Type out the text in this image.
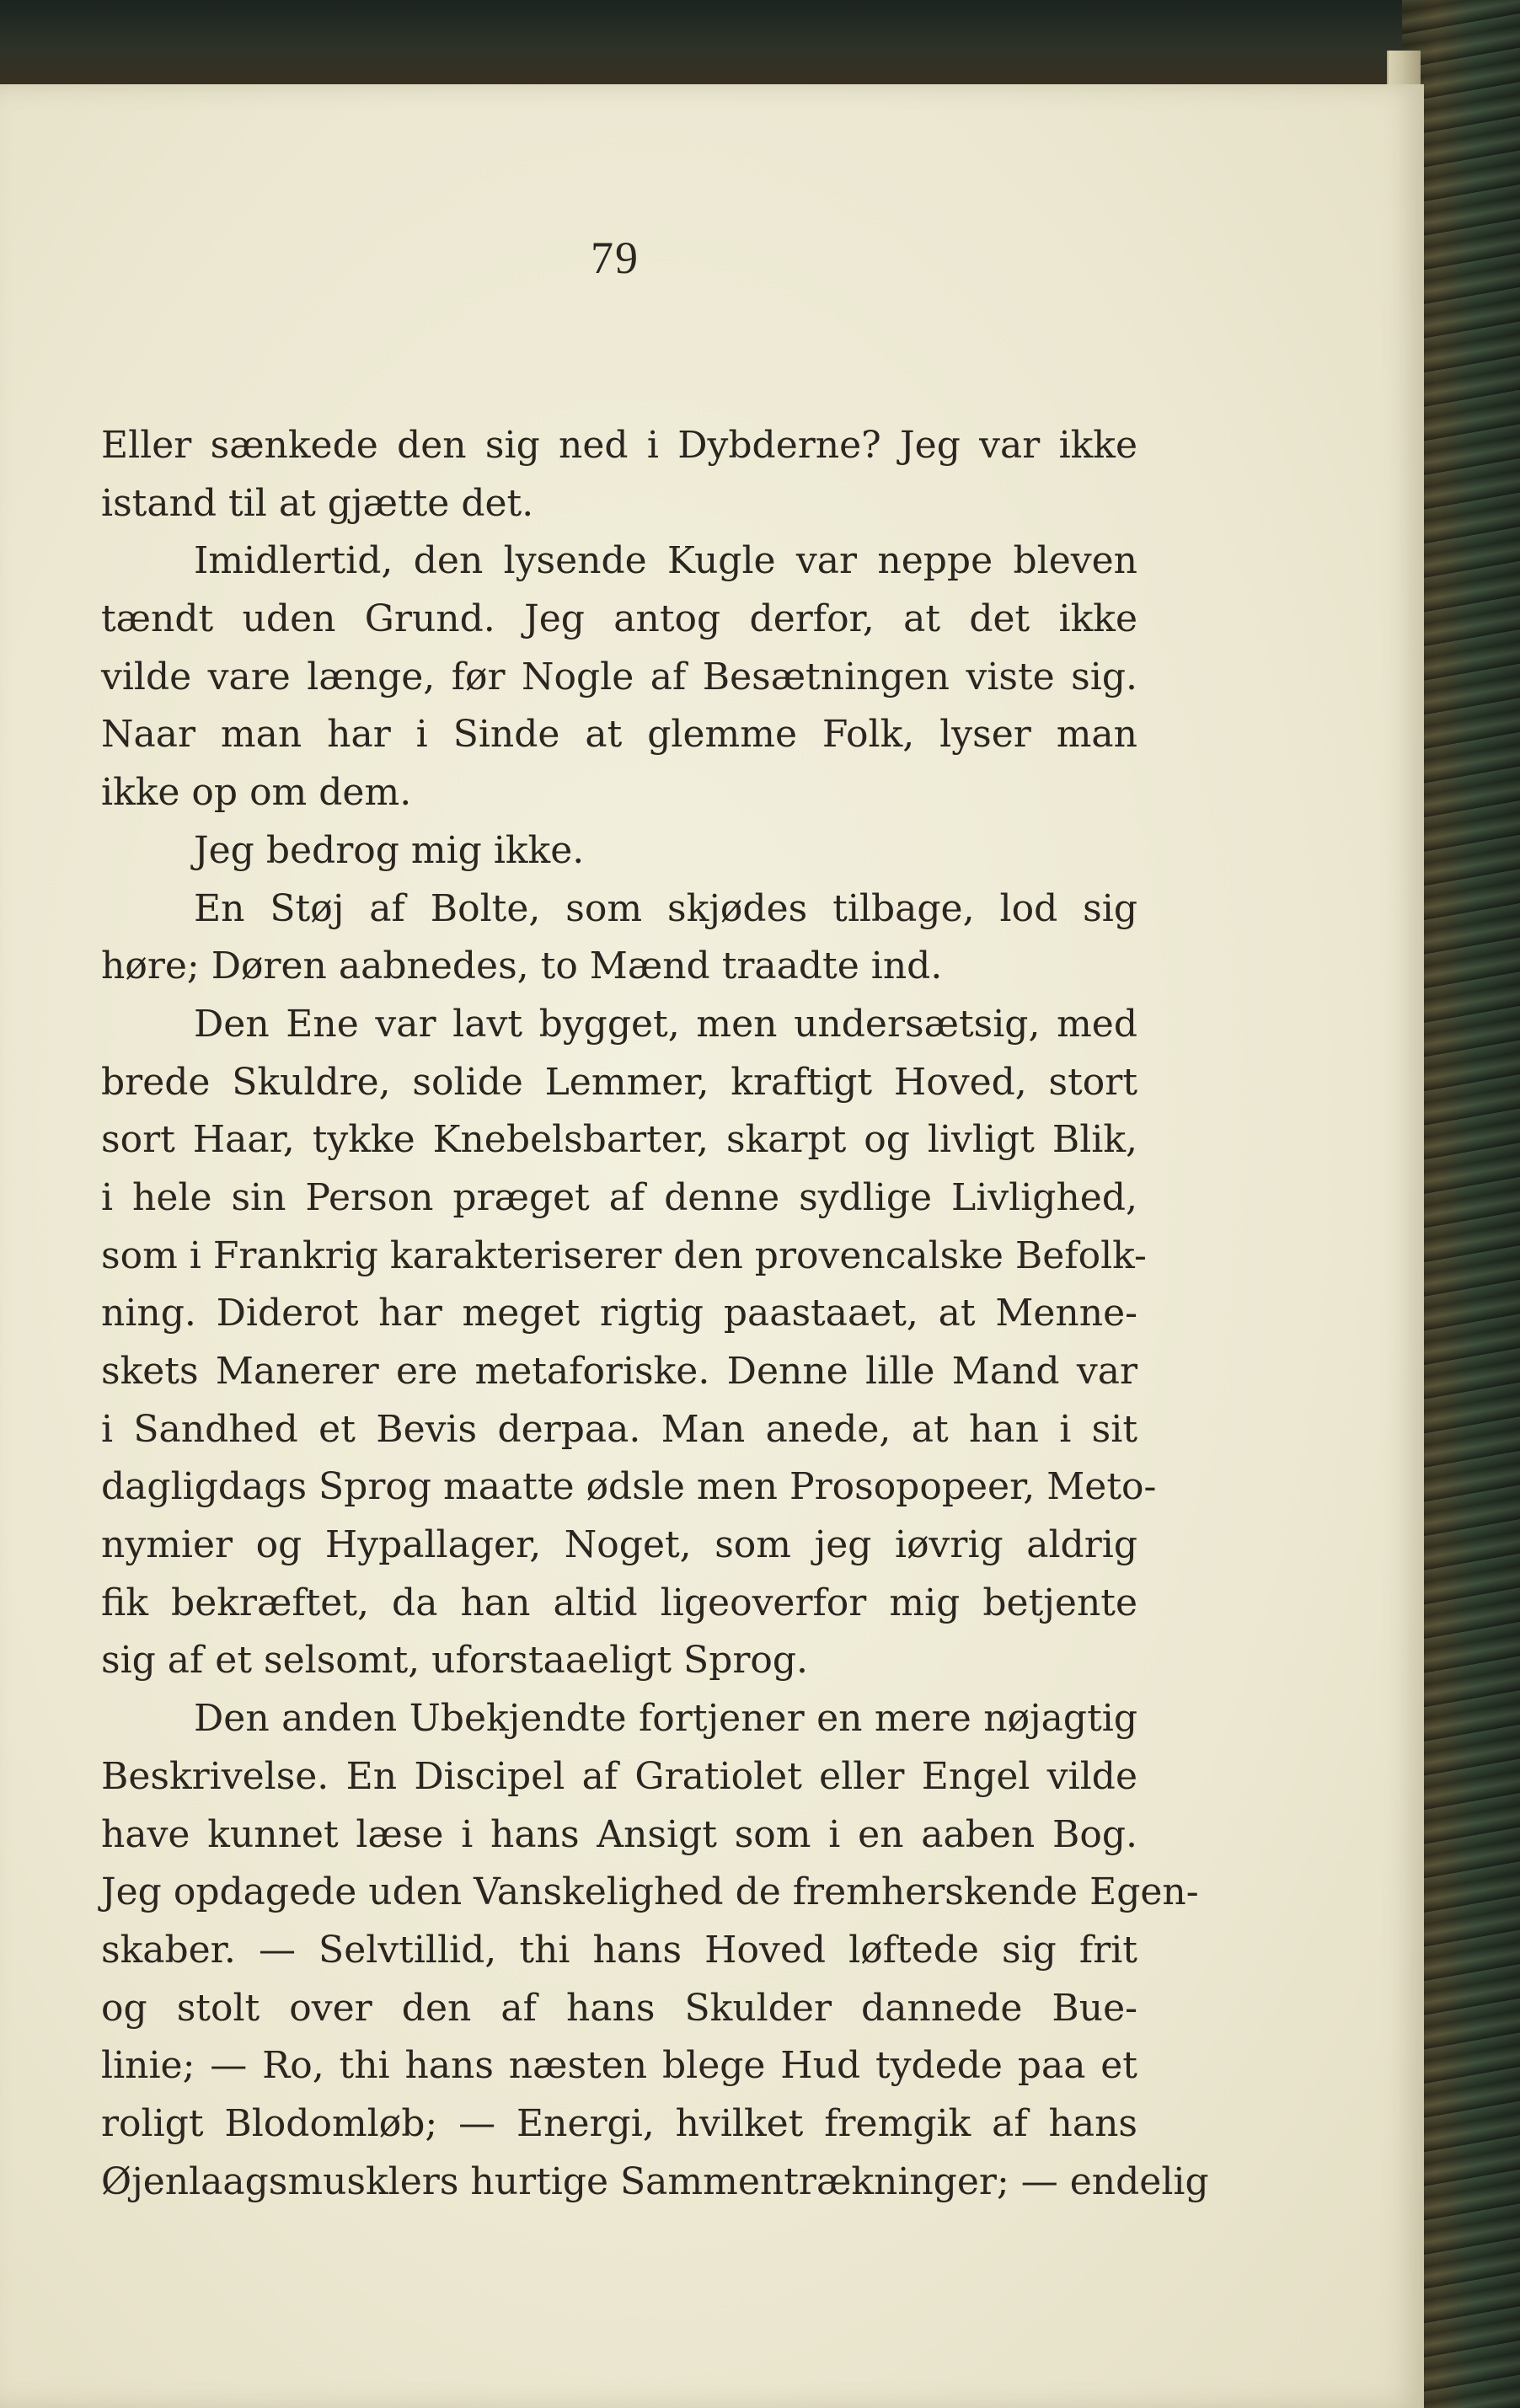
79
Eller sænkede den sig ned i Dybderne? Jeg var ikke
istand til at gjætte det.
Imidlertid, den lysende Kugle var neppe bleven
tændt uden Grund. Jeg antog derfor, at det ikke
vilde vare længe, før Nogle af Besætningen viste sig.
Naar man har i Sinde at glemme Folk, lyser man
ikke op om dem.
Jeg bedrog mig ikke.
En Støj af Bolte, som skjødes tilbage, lod sig
høre; Døren aabnedes, to Mænd traadte ind.
Den Ene var lavt bygget, men undersætsig, med
brede Skuldre, solide Lemmer, kraftigt Hoved, stort
sort Haar, tykke Knebelsbarter, skarpt og livligt Blik,
i hele sin Person præget af denne sydlige Livlighed,
som i Frankrig karakteriserer den provencalske Befolk-
ning. Diderot har meget rigtig paastaaet, at Menne-
skets Manerer ere metaforiske. Denne lille Mand var
i Sandhed et Bevis derpaa. Man anede, at han i sit
dagligdags Sprog maatte ødsle men Prosopopeer, Meto-
nymier og Hypallager, Noget, som jeg iøvrig aldrig
fik bekræftet, da han altid ligeoverfor mig betjente
sig af et selsomt, uforstaaeligt Sprog.
Den anden Ubekjendte fortjener en mere nøjagtig
Beskrivelse. En Discipel af Gratiolet eller Engel vilde
have kunnet læse i hans Ansigt som i en aaben Bog.
Jeg opdagede uden Vanskelighed de fremherskende Egen-
skaber. — Selvtillid, thi hans Hoved løftede sig frit
og stolt over den af hans Skulder dannede Bue-
linie; — Ro, thi hans næsten blege Hud tydede paa et
roligt Blodomløb; — Energi, hvilket fremgik af hans
Øjenlaagsmusklers hurtige Sammentrækninger; — endelig
